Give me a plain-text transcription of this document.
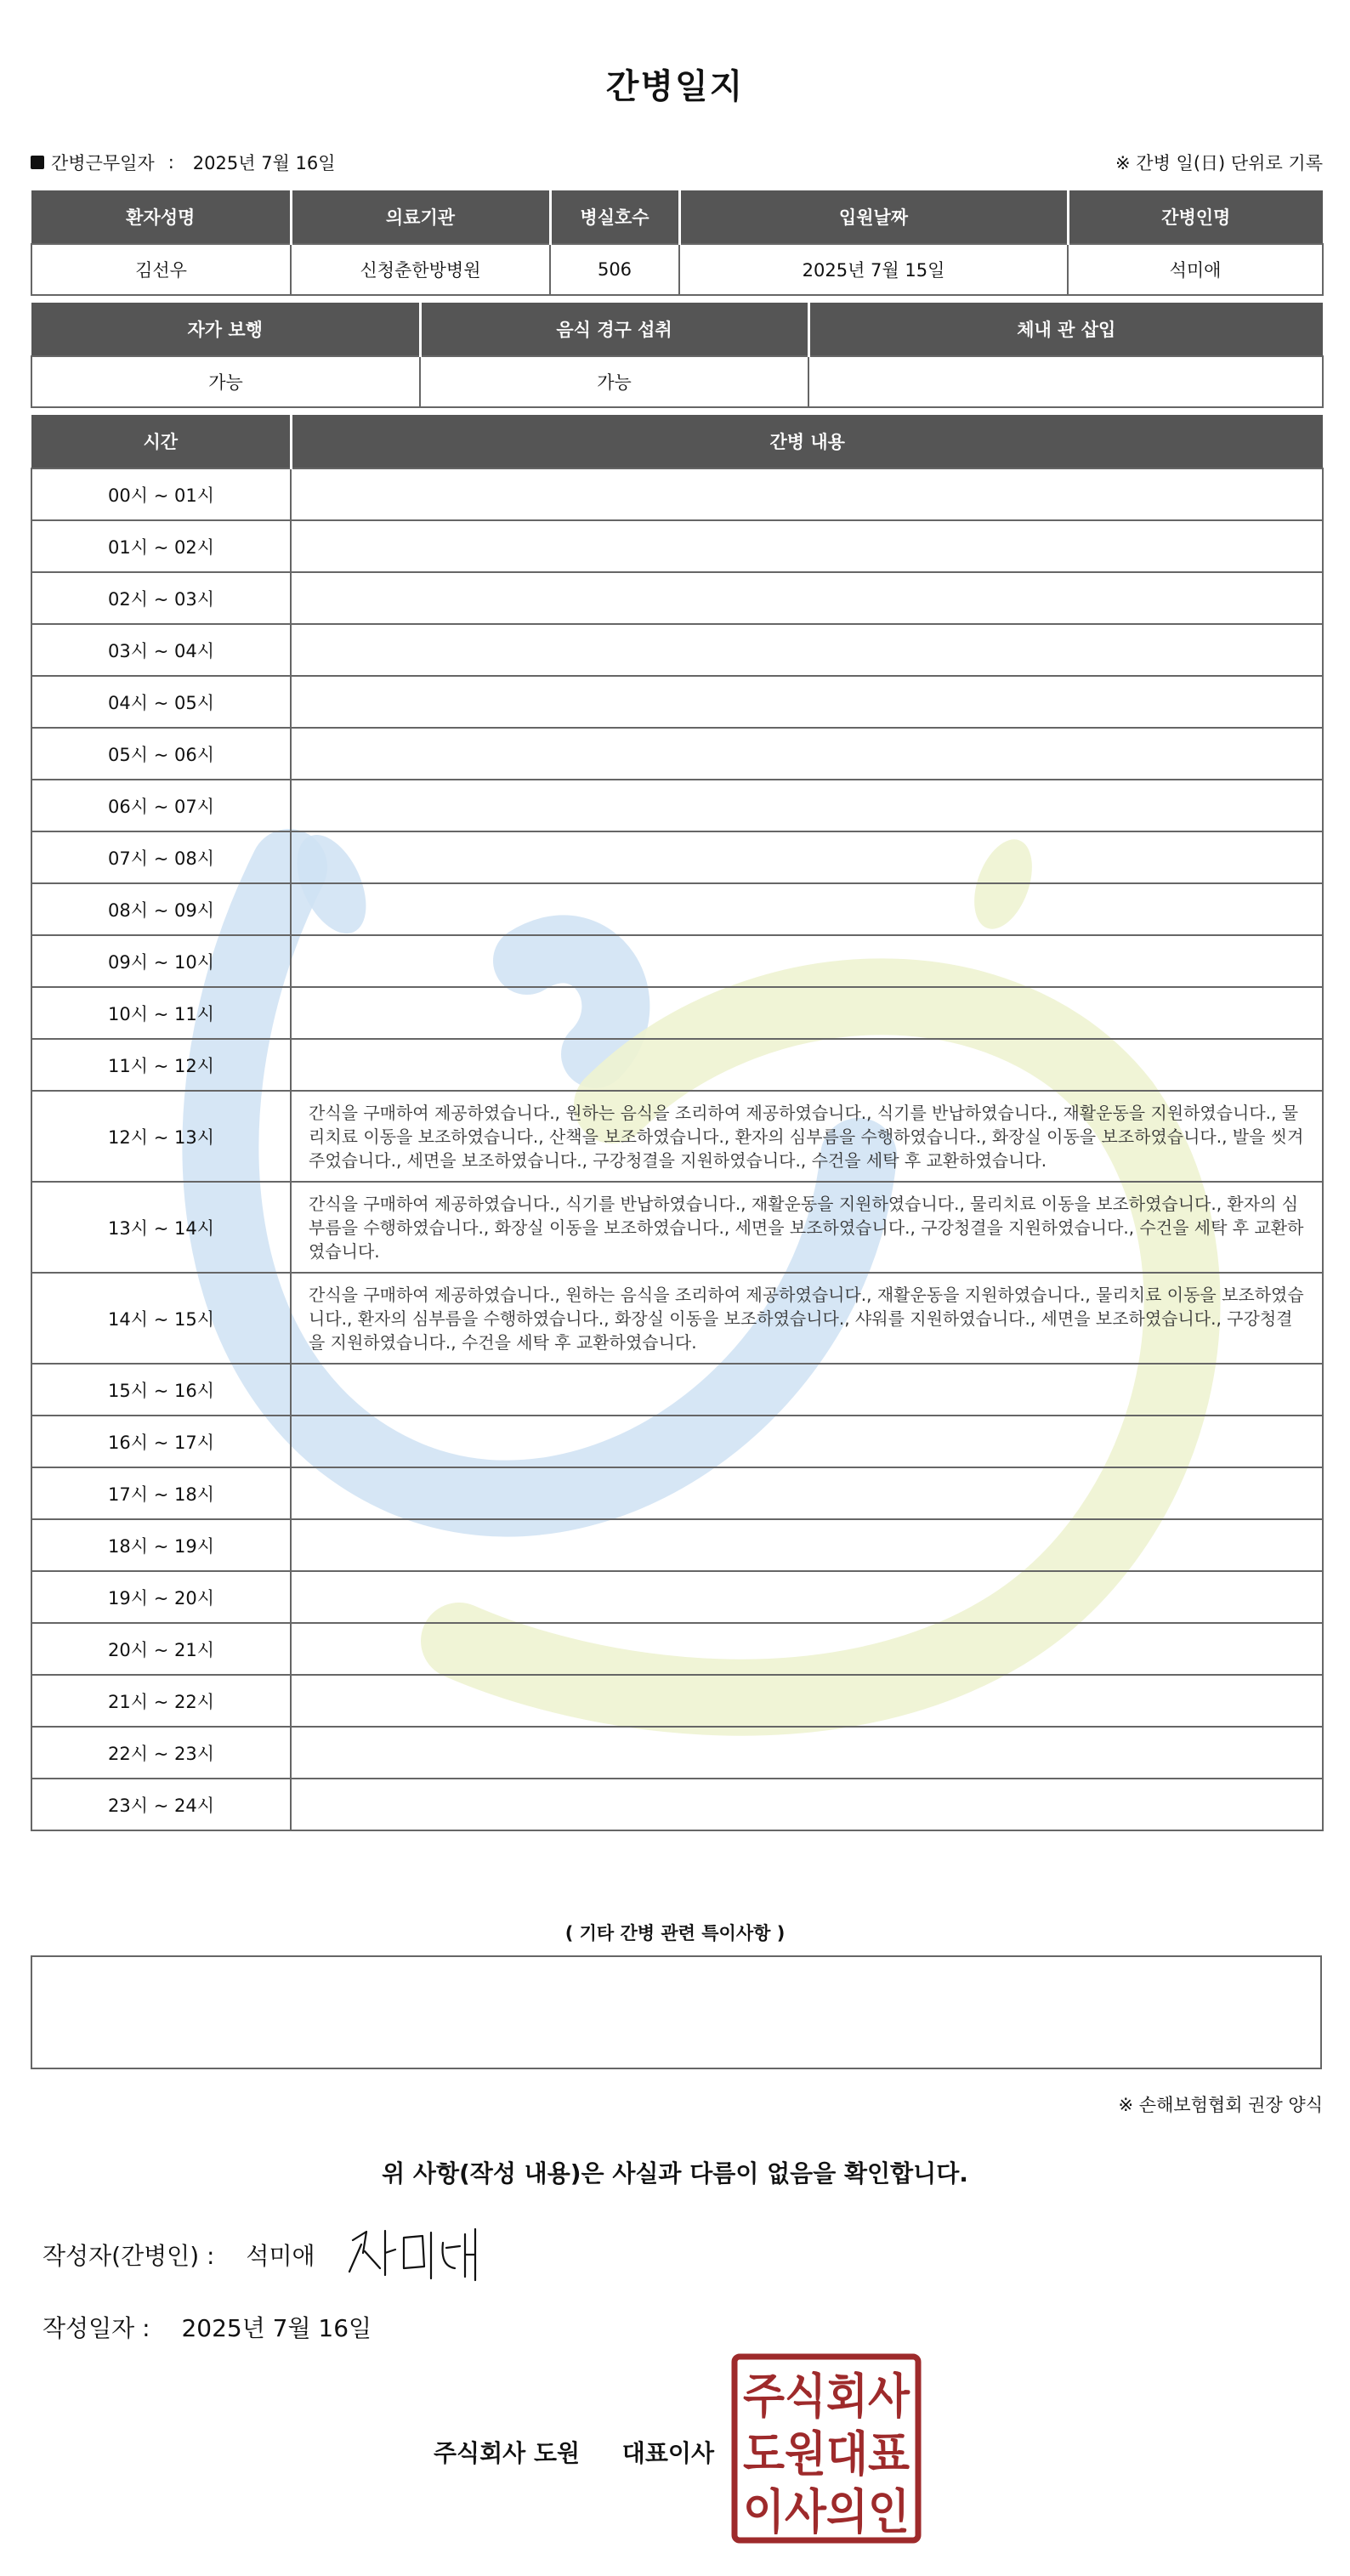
간병일지
간병근무일자 : 2025년 7월 16일	※ 간병 일(日) 단위로 기록
환자성명	의료기관	병실호수	입원날짜	간병인명
김선우	신청춘한방병원	506	2025년 7월 15일	석미애
자가 보행	음식 경구 섭취	체내 관 삽입
가능	가능	
시간	간병 내용
00시 ~ 01시	
01시 ~ 02시	
02시 ~ 03시	
03시 ~ 04시	
04시 ~ 05시	
05시 ~ 06시	
06시 ~ 07시	
07시 ~ 08시	
08시 ~ 09시	
09시 ~ 10시	
10시 ~ 11시	
11시 ~ 12시	
12시 ~ 13시	간식을 구매하여 제공하였습니다., 원하는 음식을 조리하여 제공하였습니다., 식기를 반납하였습니다., 재활운동을 지원하였습니다., 물리치료 이동을 보조하였습니다., 산책을 보조하였습니다., 환자의 심부름을 수행하였습니다., 화장실 이동을 보조하였습니다., 발을 씻겨주었습니다., 세면을 보조하였습니다., 구강청결을 지원하였습니다., 수건을 세탁 후 교환하였습니다.
13시 ~ 14시	간식을 구매하여 제공하였습니다., 식기를 반납하였습니다., 재활운동을 지원하였습니다., 물리치료 이동을 보조하였습니다., 환자의 심부름을 수행하였습니다., 화장실 이동을 보조하였습니다., 세면을 보조하였습니다., 구강청결을 지원하였습니다., 수건을 세탁 후 교환하였습니다.
14시 ~ 15시	간식을 구매하여 제공하였습니다., 원하는 음식을 조리하여 제공하였습니다., 재활운동을 지원하였습니다., 물리치료 이동을 보조하였습니다., 환자의 심부름을 수행하였습니다., 화장실 이동을 보조하였습니다., 샤워를 지원하였습니다., 세면을 보조하였습니다., 구강청결을 지원하였습니다., 수건을 세탁 후 교환하였습니다.
15시 ~ 16시	
16시 ~ 17시	
17시 ~ 18시	
18시 ~ 19시	
19시 ~ 20시	
20시 ~ 21시	
21시 ~ 22시	
22시 ~ 23시	
23시 ~ 24시	
( 기타 간병 관련 특이사항 )
※ 손해보험협회 권장 양식
위 사항(작성 내용)은 사실과 다름이 없음을 확인합니다.
작성자(간병인) : 석미애
작성일자 : 2025년 7월 16일
주식회사 도원 대표이사
주식회사
도원대표
이사의인
